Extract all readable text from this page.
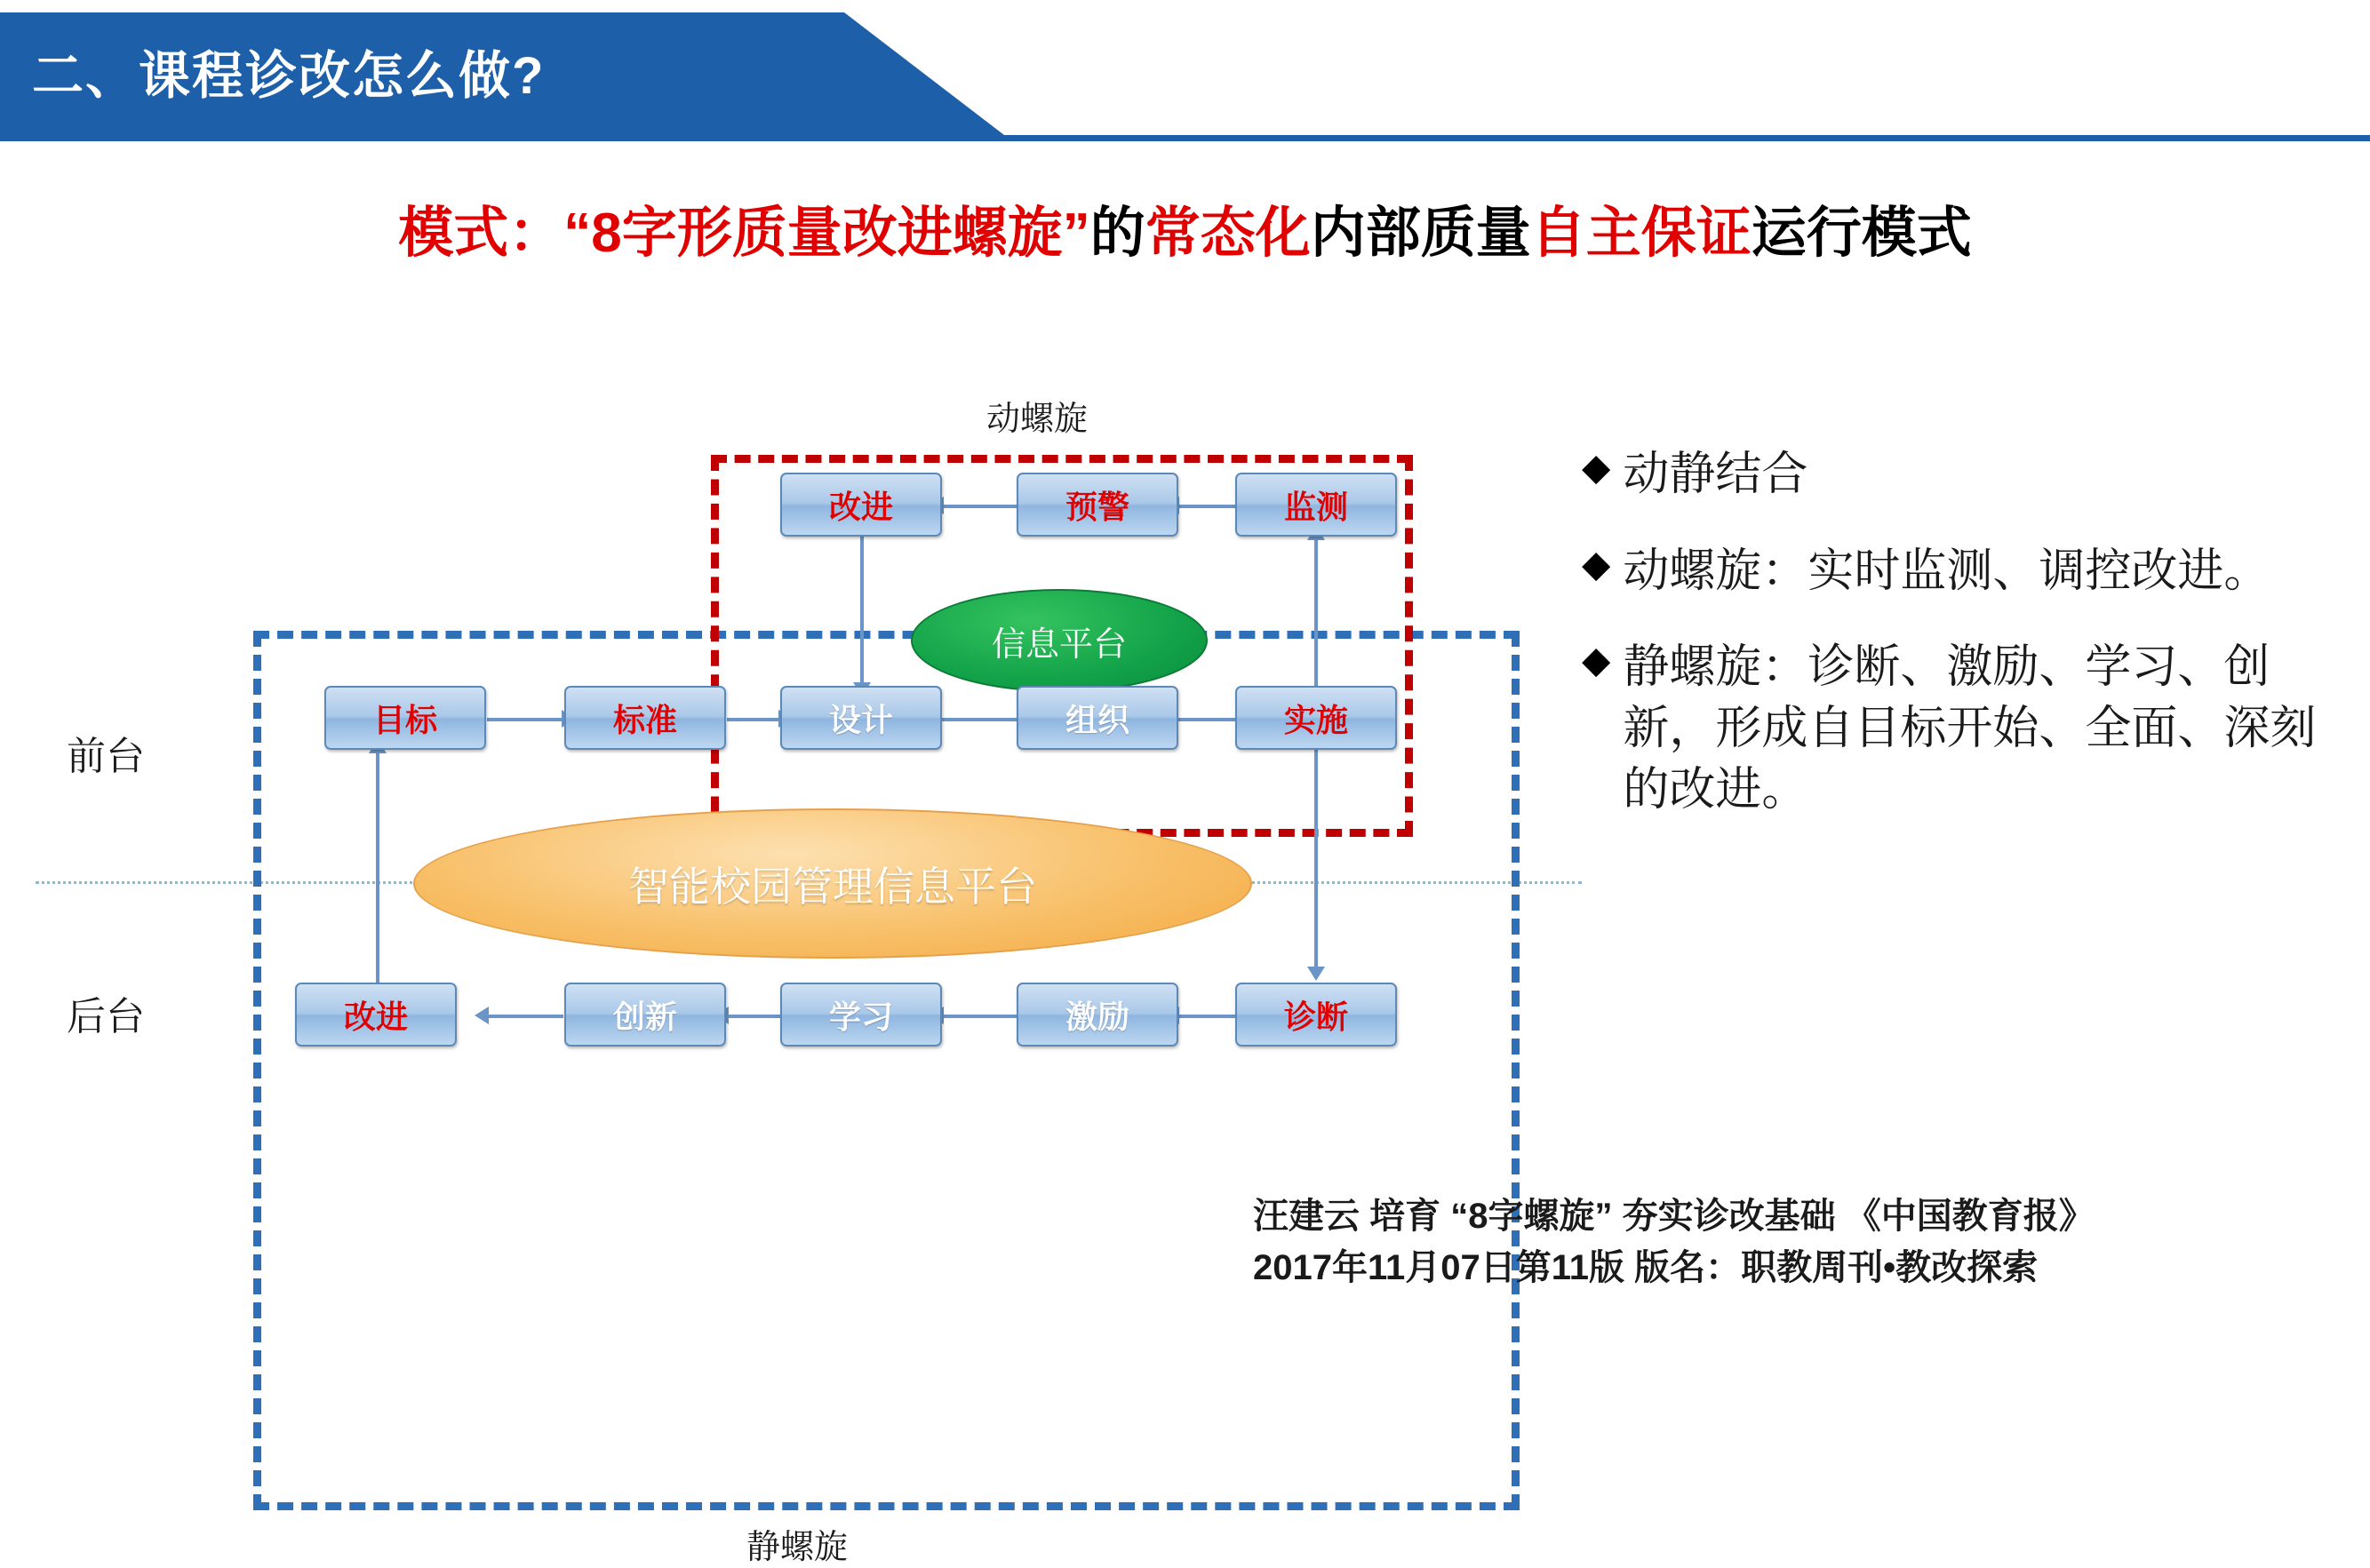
二、课程诊改怎么做?
模式：“8字形质量改进螺旋”的常态化内部质量自主保证运行模式
动螺旋
静螺旋
前台
后台
智能校园管理信息平台
信息平台
改进	预警	监测
目标	标准	设计	组织	实施
改进	创新	学习	激励	诊断
◆ 动静结合
◆ 动螺旋：实时监测、调控改进。
◆ 静螺旋：诊断、激励、学习、创新，形成自目标开始、全面、深刻的改进。
汪建云 培育 “8字螺旋” 夯实诊改基础 《中国教育报》
2017年11月07日第11版 版名：职教周刊•教改探索
